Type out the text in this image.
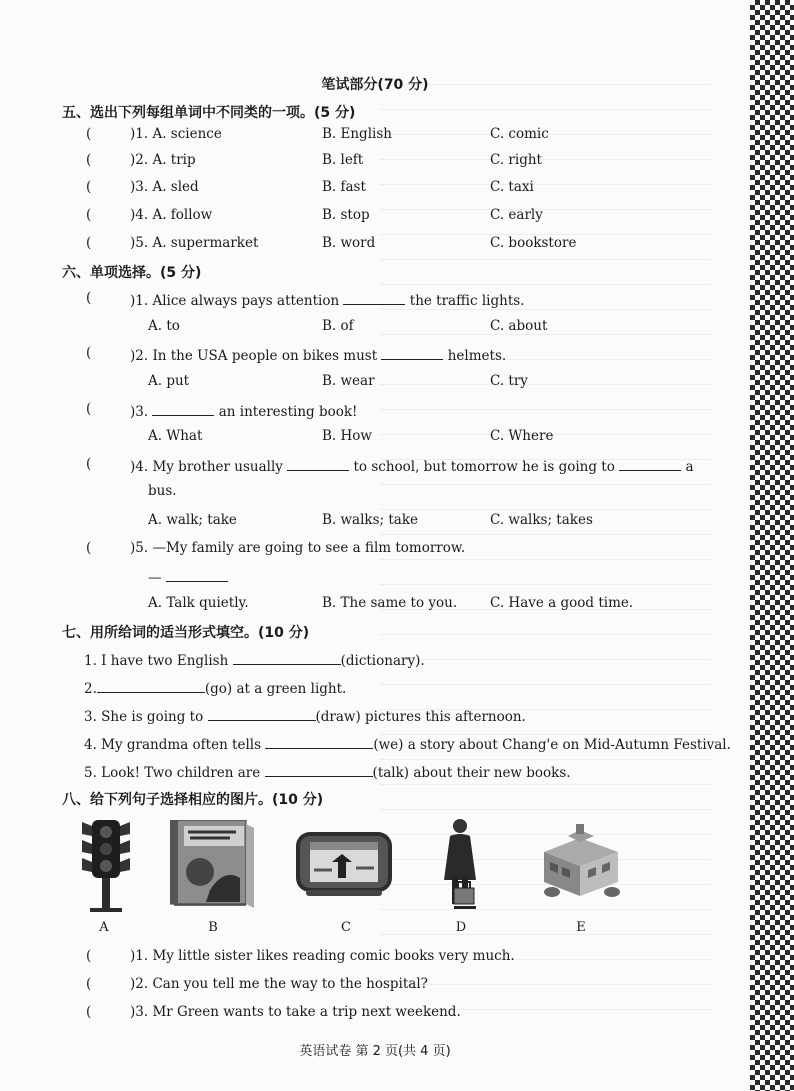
笔试部分(70 分)
五、选出下列每组单词中不同类的一项。(5 分)
(	)1. A. science	B. English	C. comic
(	)2. A. trip	B. left	C. right
(	)3. A. sled	B. fast	C. taxi
(	)4. A. follow	B. stop	C. early
(	)5. A. supermarket	B. word	C. bookstore
六、单项选择。(5 分)
(	)1. Alice always pays attention	the traffic lights.
A. to	B. of	C. about
(	)2. In the USA people on bikes must	helmets.
A. put	B. wear	C. try
(	)3.	an interesting book!
A. What	B. How	C. Where
(	)4. My brother usually	to school, but tomorrow he is going to	a
bus.
A. walk; take	B. walks; take	C. walks; takes
(	)5. —My family are going to see a film tomorrow.
—
A. Talk quietly.	B. The same to you. C. Have a good time.
七、用所给词的适当形式填空。(10 分)
1. I have two English	(dictionary).
2.	(go) at a green light.
3. She is going to	(draw) pictures this afternoon.
4. My grandma often tells	(we) a story about Chang'e on Mid-Autumn Festival.
5. Look! Two children are	(talk) about their new books.
八、给下列句子选择相应的图片。(10 分)
A	B	C	D	E
(	)1. My little sister likes reading comic books very much.
(	)2. Can you tell me the way to the hospital?
(	)3. Mr Green wants to take a trip next weekend.
英语试卷 第 2 页(共 4 页)
